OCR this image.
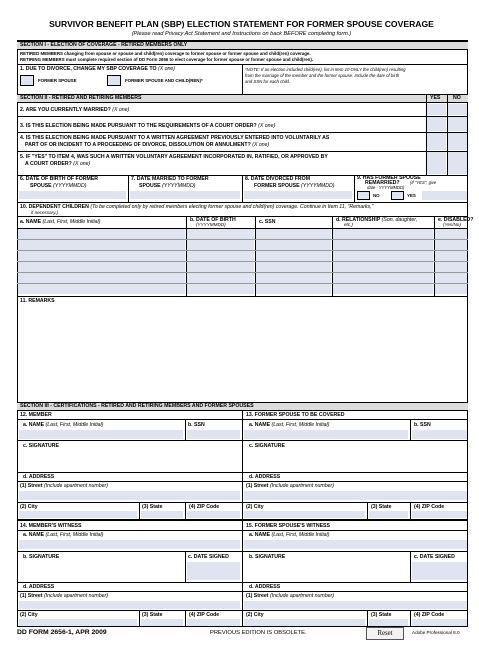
SURVIVOR BENEFIT PLAN (SBP) ELECTION STATEMENT FOR FORMER SPOUSE COVERAGE
(Please read Privacy Act Statement and Instructions on back BEFORE completing form.)
SECTION I - ELECTION OF COVERAGE - RETIRED MEMBERS ONLY
RETIRED MEMBERS changing from spouse or spouse and child(ren) coverage to former spouse or former spouse and child(ren) coverage.
RETIRING MEMBERS must complete required section of DD Form 2656 to elect coverage for former spouse or former spouse and child(ren).
1. DUE TO DIVORCE, CHANGE MY SBP COVERAGE TO (X one)
FORMER SPOUSE	FORMER SPOUSE AND CHILD(REN)*
*NOTE: If an election included child(ren), list in Item 10 ONLY the child(ren) resulting
from the marriage of the member and the former spouse. Include the date of birth
and SSN for each child.
SECTION II - RETIRED AND RETIRING MEMBERS	YES NO
2. ARE YOU CURRENTLY MARRIED? (X one)
3. IS THIS ELECTION BEING MADE PURSUANT TO THE REQUIREMENTS OF A COURT ORDER? (X one)
4. IS THIS ELECTION BEING MADE PURSUANT TO A WRITTEN AGREEMENT PREVIOUSLY ENTERED INTO VOLUNTARILY AS
PART OF OR INCIDENT TO A PROCEEDING OF DIVORCE, DISSOLUTION OR ANNULMENT? (X one)
5. IF "YES" TO ITEM 4, WAS SUCH A WRITTEN VOLUNTARY AGREEMENT INCORPORATED IN, RATIFIED, OR APPROVED BY
A COURT ORDER? (X one)
6. DATE OF BIRTH OF FORMER
SPOUSE (YYYYMMDD)
7. DATE MARRIED TO FORMER
SPOUSE (YYYYMMDD)
8. DATE DIVORCED FROM
FORMER SPOUSE (YYYYMMDD)
9. HAS FORMER SPOUSE
REMARRIED? (If "YES", give
date - YYYYMMDD)
NO	YES
10. DEPENDENT CHILDREN (To be completed only by retired members electing former spouse and child(ren) coverage. Continue in Item 11, "Remarks,"
if necessary.)
a. NAME (Last, First, Middle Initial)	b. DATE OF BIRTH
(YYYYMMDD)	c. SSN	d. RELATIONSHIP (Son, daughter,
etc.)
e. DISABLED?
(Yes/No)
11. REMARKS
SECTION III - CERTIFICATIONS - RETIRED AND RETIRING MEMBERS AND FORMER SPOUSES
12. MEMBER	13. FORMER SPOUSE TO BE COVERED
a. NAME (Last, First, Middle Initial)	b. SSN	a. NAME (Last, First, Middle Initial)	b. SSN
c. SIGNATURE	c. SIGNATURE
d. ADDRESS	d. ADDRESS
(1) Street (Include apartment number)	(1) Street (Include apartment number)
(2) City	(3) State	(4) ZIP Code	(2) City	(3) State	(4) ZIP Code
14. MEMBER'S WITNESS	15. FORMER SPOUSE'S WITNESS
a. NAME (Last, First, Middle Initial)	a. NAME (Last, First, Middle Initial)
b. SIGNATURE	c. DATE SIGNED	b. SIGNATURE	c. DATE SIGNED
d. ADDRESS	d. ADDRESS
(1) Street (Include apartment number)	(1) Street (Include apartment number)
(2) City	(3) State	(4) ZIP Code	(2) City	(3) State	(4) ZIP Code
DD FORM 2656-1, APR 2009	PREVIOUS EDITION IS OBSOLETE.	Reset	Adobe Professional 8.0
